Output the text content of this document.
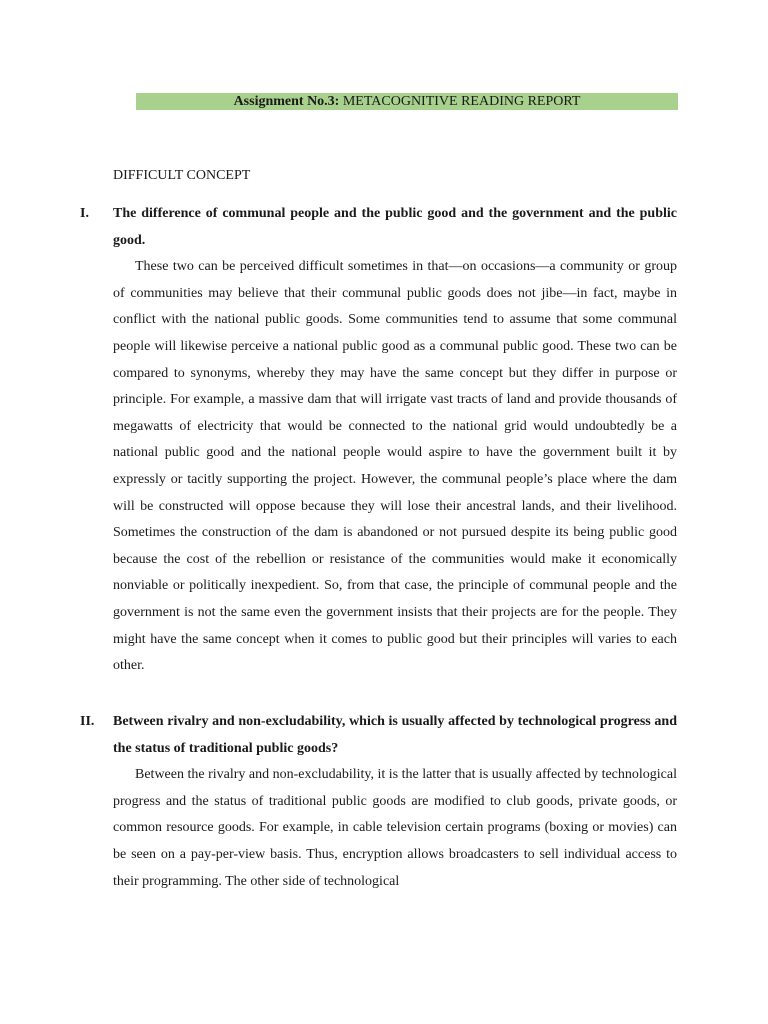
Assignment No.3: METACOGNITIVE READING REPORT
DIFFICULT CONCEPT
I. The difference of communal people and the public good and the government and the public good.

These two can be perceived difficult sometimes in that—on occasions—a community or group of communities may believe that their communal public goods does not jibe—in fact, maybe in conflict with the national public goods. Some communities tend to assume that some communal people will likewise perceive a national public good as a communal public good. These two can be compared to synonyms, whereby they may have the same concept but they differ in purpose or principle. For example, a massive dam that will irrigate vast tracts of land and provide thousands of megawatts of electricity that would be connected to the national grid would undoubtedly be a national public good and the national people would aspire to have the government built it by expressly or tacitly supporting the project. However, the communal people’s place where the dam will be constructed will oppose because they will lose their ancestral lands, and their livelihood. Sometimes the construction of the dam is abandoned or not pursued despite its being public good because the cost of the rebellion or resistance of the communities would make it economically nonviable or politically inexpedient. So, from that case, the principle of communal people and the government is not the same even the government insists that their projects are for the people. They might have the same concept when it comes to public good but their principles will varies to each other.

II. Between rivalry and non-excludability, which is usually affected by technological progress and the status of traditional public goods?

Between the rivalry and non-excludability, it is the latter that is usually affected by technological progress and the status of traditional public goods are modified to club goods, private goods, or common resource goods. For example, in cable television certain programs (boxing or movies) can be seen on a pay-per-view basis. Thus, encryption allows broadcasters to sell individual access to their programming. The other side of technological
